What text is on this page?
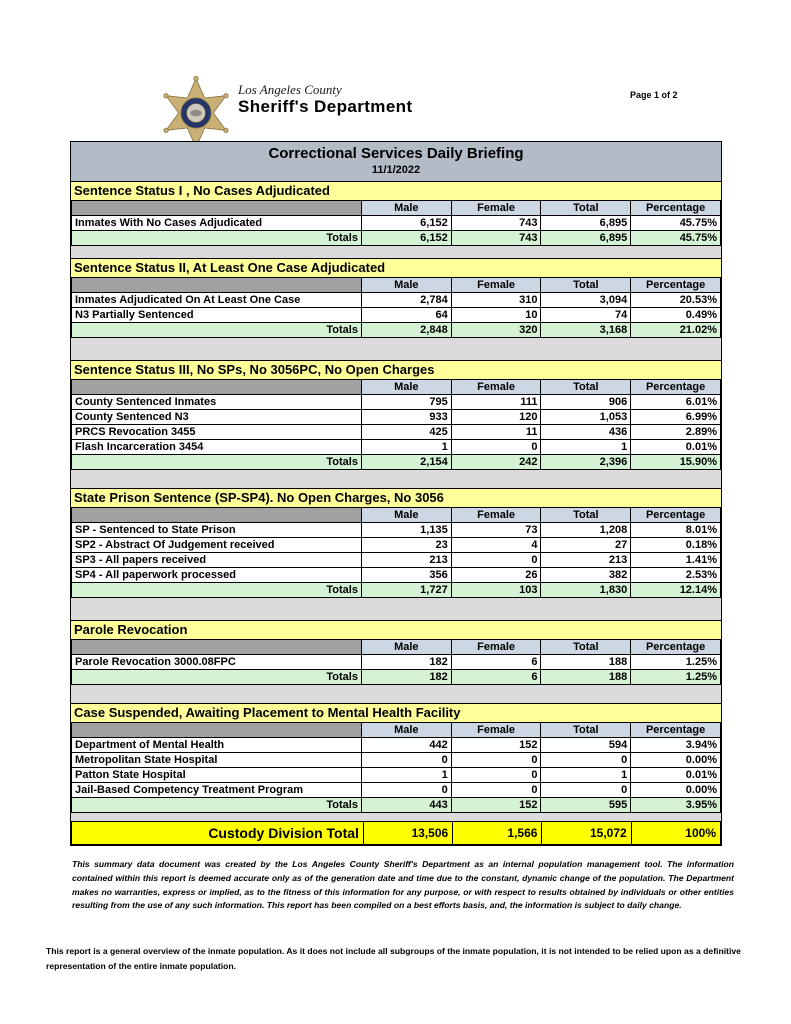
Los Angeles County
Sheriff's Department
Page 1 of 2
Correctional Services Daily Briefing
11/1/2022
Sentence Status I , No Cases Adjudicated
	Male	Female	Total	Percentage
Inmates With No Cases Adjudicated	6,152	743	6,895	45.75%
Totals	6,152	743	6,895	45.75%
Sentence Status II, At Least One Case Adjudicated
	Male	Female	Total	Percentage
Inmates Adjudicated On At Least One Case	2,784	310	3,094	20.53%
N3 Partially Sentenced	64	10	74	0.49%
Totals	2,848	320	3,168	21.02%
Sentence Status III, No SPs, No 3056PC, No Open Charges
	Male	Female	Total	Percentage
County Sentenced Inmates	795	111	906	6.01%
County Sentenced N3	933	120	1,053	6.99%
PRCS Revocation 3455	425	11	436	2.89%
Flash Incarceration 3454	1	0	1	0.01%
Totals	2,154	242	2,396	15.90%
State Prison Sentence (SP-SP4). No Open Charges, No 3056
	Male	Female	Total	Percentage
SP - Sentenced to State Prison	1,135	73	1,208	8.01%
SP2 - Abstract Of Judgement received	23	4	27	0.18%
SP3 - All papers received	213	0	213	1.41%
SP4 - All paperwork processed	356	26	382	2.53%
Totals	1,727	103	1,830	12.14%
Parole Revocation
	Male	Female	Total	Percentage
Parole Revocation 3000.08FPC	182	6	188	1.25%
Totals	182	6	188	1.25%
Case Suspended, Awaiting Placement to Mental Health Facility
	Male	Female	Total	Percentage
Department of Mental Health	442	152	594	3.94%
Metropolitan State Hospital	0	0	0	0.00%
Patton State Hospital	1	0	1	0.01%
Jail-Based Competency Treatment Program	0	0	0	0.00%
Totals	443	152	595	3.95%
Custody Division Total	13,506	1,566	15,072	100%
This summary data document was created by the Los Angeles County Sheriff's Department as an internal population management tool. The information contained within this report is deemed accurate only as of the generation date and time due to the constant, dynamic change of the population. The Department makes no warranties, express or implied, as to the fitness of this information for any purpose, or with respect to results obtained by individuals or other entities resulting from the use of any such information. This report has been compiled on a best efforts basis, and, the information is subject to daily change.
This report is a general overview of the inmate population. As it does not include all subgroups of the inmate population, it is not intended to be relied upon as a definitive representation of the entire inmate population.
